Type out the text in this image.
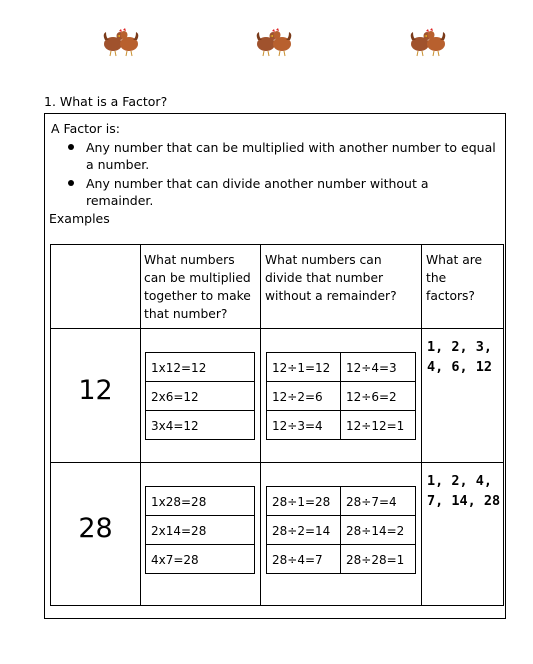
1. What is a Factor?
A Factor is:
Any number that can be multiplied with another number to equal a number.
Any number that can divide another number without a remainder.
Examples
What numbers can be multiplied together to make that number?
What numbers can divide that number without a remainder?
What are the factors?
12
1x12=12
2x6=12
3x4=12
12÷1=12 12÷4=3
12÷2=6 12÷6=2
12÷3=4 12÷12=1
1, 2, 3,
4, 6, 12
28
1x28=28
2x14=28
4x7=28
28÷1=28 28÷7=4
28÷2=14 28÷14=2
28÷4=7 28÷28=1
1, 2, 4,
7, 14, 28
